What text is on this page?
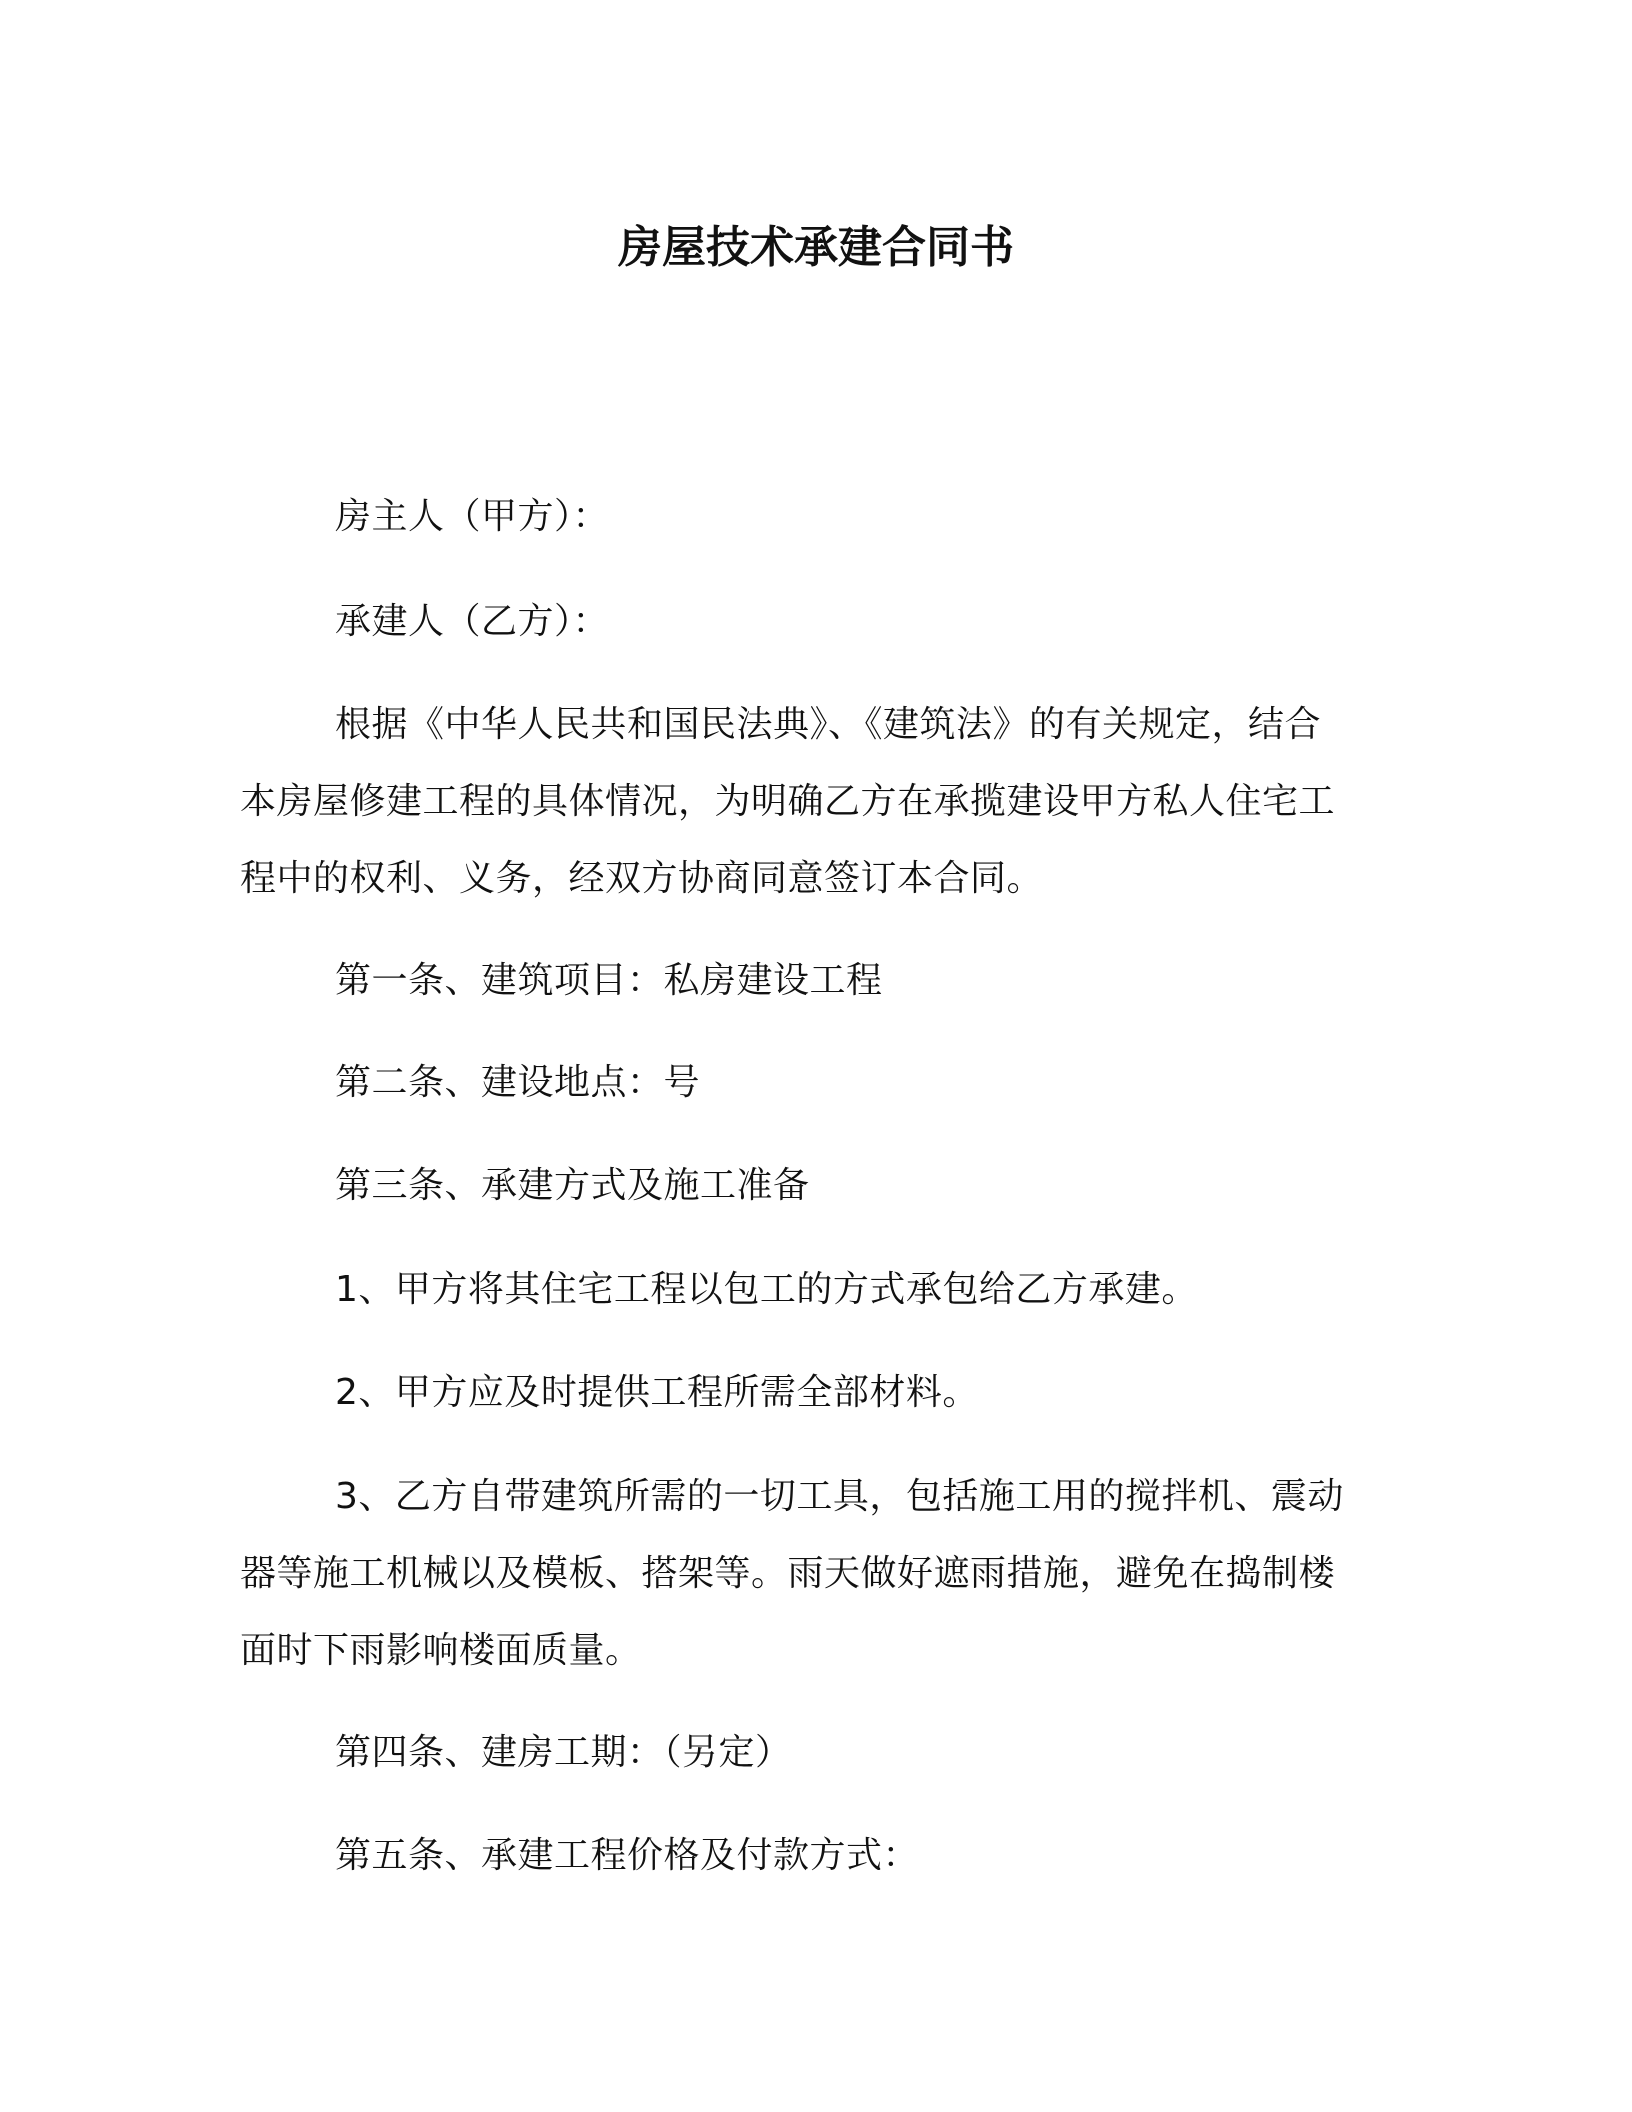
房屋技术承建合同书
房主人（甲方）：
承建人（乙方）：
根据《中华人民共和国民法典》、《建筑法》的有关规定，结合
本房屋修建工程的具体情况，为明确乙方在承揽建设甲方私人住宅工
程中的权利、义务，经双方协商同意签订本合同。
第一条、建筑项目：私房建设工程
第二条、建设地点：号
第三条、承建方式及施工准备
1、甲方将其住宅工程以包工的方式承包给乙方承建。
2、甲方应及时提供工程所需全部材料。
3、乙方自带建筑所需的一切工具，包括施工用的搅拌机、震动
器等施工机械以及模板、搭架等。雨天做好遮雨措施，避免在捣制楼
面时下雨影响楼面质量。
第四条、建房工期：（另定）
第五条、承建工程价格及付款方式：
